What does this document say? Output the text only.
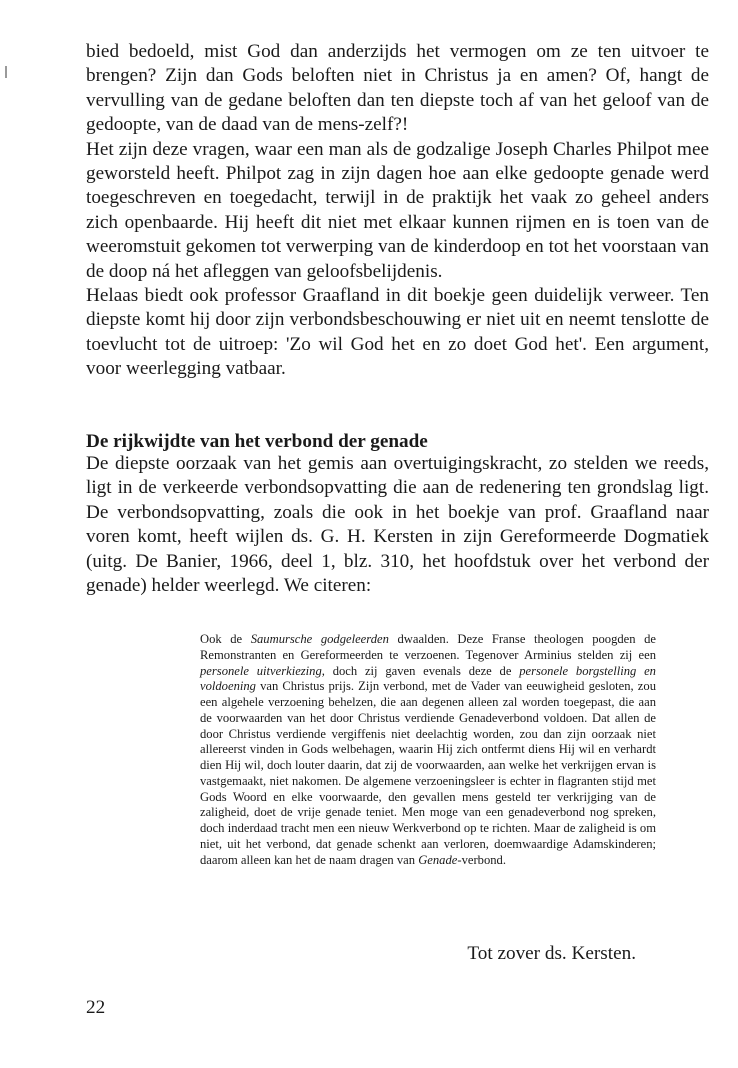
bied bedoeld, mist God dan anderzijds het vermogen om ze ten uitvoer te brengen? Zijn dan Gods beloften niet in Christus ja en amen? Of, hangt de vervulling van de gedane beloften dan ten diepste toch af van het geloof van de gedoopte, van de daad van de mens-zelf?!

Het zijn deze vragen, waar een man als de godzalige Joseph Charles Philpot mee geworsteld heeft. Philpot zag in zijn dagen hoe aan elke gedoopte genade werd toegeschreven en toegedacht, terwijl in de praktijk het vaak zo geheel anders zich openbaarde. Hij heeft dit niet met elkaar kunnen rijmen en is toen van de weeromstuit gekomen tot verwerping van de kinderdoop en tot het voorstaan van de doop ná het afleggen van geloofsbelijdenis.

Helaas biedt ook professor Graafland in dit boekje geen duidelijk verweer. Ten diepste komt hij door zijn verbondsbeschouwing er niet uit en neemt tenslotte de toevlucht tot de uitroep: 'Zo wil God het en zo doet God het'. Een argument, voor weerlegging vatbaar.

De rijkwijdte van het verbond der genade

De diepste oorzaak van het gemis aan overtuigingskracht, zo stelden we reeds, ligt in de verkeerde verbondsopvatting die aan de redenering ten grondslag ligt. De verbondsopvatting, zoals die ook in het boekje van prof. Graafland naar voren komt, heeft wijlen ds. G. H. Kersten in zijn Gereformeerde Dogmatiek (uitg. De Banier, 1966, deel 1, blz. 310, het hoofdstuk over het verbond der genade) helder weerlegd. We citeren:

Ook de Saumursche godgeleerden dwaalden. Deze Franse theologen poogden de Remonstranten en Gereformeerden te verzoenen. Tegenover Arminius stelden zij een personele uitverkiezing, doch zij gaven evenals deze de personele borgstelling en voldoening van Christus prijs. Zijn verbond, met de Vader van eeuwigheid gesloten, zou een algehele verzoening behelzen, die aan degenen alleen zal worden toegepast, die aan de voorwaarden van het door Christus verdiende Genadeverbond voldoen. Dat allen de door Christus verdiende vergiffenis niet deelachtig worden, zou dan zijn oorzaak niet allereerst vinden in Gods welbehagen, waarin Hij zich ontfermt diens Hij wil en verhardt dien Hij wil, doch louter daarin, dat zij de voorwaarden, aan welke het verkrijgen ervan is vastgemaakt, niet nakomen. De algemene verzoeningsleer is echter in flagranten stijd met Gods Woord en elke voorwaarde, den gevallen mens gesteld ter verkrijging van de zaligheid, doet de vrije genade teniet. Men moge van een genadeverbond nog spreken, doch inderdaad tracht men een nieuw Werkverbond op te richten. Maar de zaligheid is om niet, uit het verbond, dat genade schenkt aan verloren, doemwaardige Adamskinderen; daarom alleen kan het de naam dragen van Genade-verbond.

Tot zover ds. Kersten.
22
